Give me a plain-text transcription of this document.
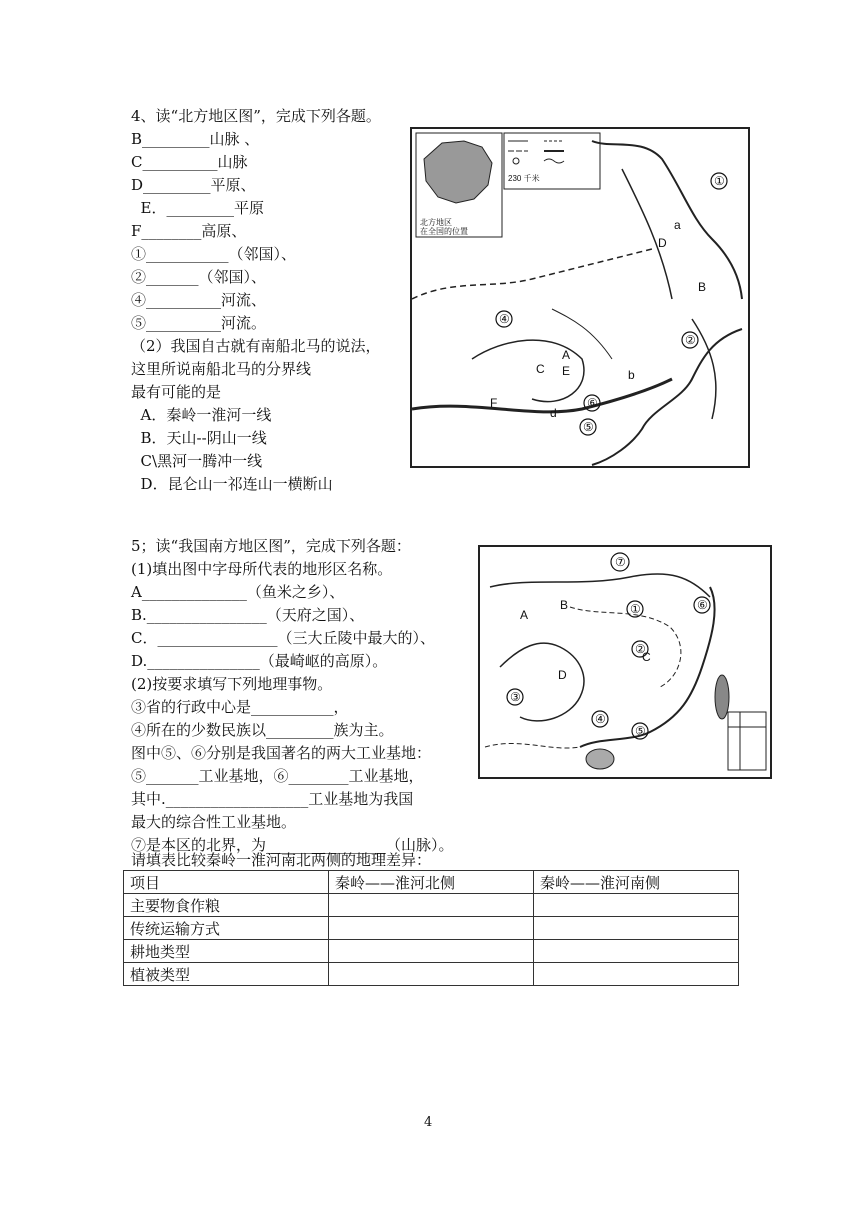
4、读“北方地区图”，完成下列各题。
B_________山脉 、
C__________山脉
D_________平原、
E．_________平原
F________高原、
①___________（邻国）、
②_______（邻国）、
④__________河流、
⑤__________河流。
（2）我国自古就有南船北马的说法，
这里所说南船北马的分界线
最有可能的是
A．秦岭一淮河一线
B．天山--阴山一线
C\黑河一腾冲一线
D．昆仑山一祁连山一横断山
北方地区
在全国的位置
230 千米	①
②
④
⑤
⑥
A
B
C
D
E
F
a
b
d
5；读“我国南方地区图”，完成下列各题：
(1)填出图中字母所代表的地形区名称。
A______________（鱼米之乡）、
B.________________（天府之国）、
C．________________（三大丘陵中最大的）、
D._______________（最崎岖的高原）。
(2)按要求填写下列地理事物。
③省的行政中心是___________，
④所在的少数民族以_________族为主。
图中⑤、⑥分别是我国著名的两大工业基地：
⑤_______工业基地，⑥________工业基地，
其中.___________________工业基地为我国
最大的综合性工业基地。
⑦是本区的北界，为________________（山脉）。
请填表比较秦岭一淮河南北两侧的地理差异：
⑦
①
②
③
④
⑤
⑥
A
B
C
D
项目	秦岭——淮河北侧	秦岭——淮河南侧
主要物食作粮		
传统运输方式		
耕地类型		
植被类型		
4
